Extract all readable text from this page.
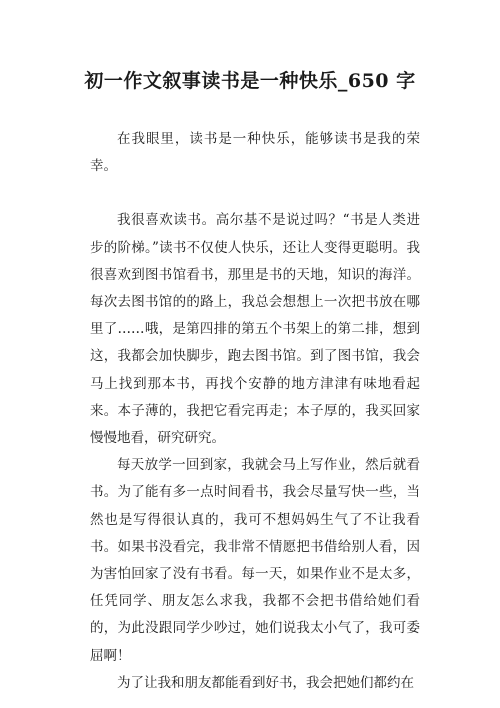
初一作文叙事读书是一种快乐_650 字

在我眼里，读书是一种快乐，能够读书是我的荣幸。

我很喜欢读书。高尔基不是说过吗？“书是人类进步的阶梯。”读书不仅使人快乐，还让人变得更聪明。我很喜欢到图书馆看书，那里是书的天地，知识的海洋。每次去图书馆的的路上，我总会想想上一次把书放在哪里了……哦，是第四排的第五个书架上的第二排，想到这，我都会加快脚步，跑去图书馆。到了图书馆，我会马上找到那本书，再找个安静的地方津津有味地看起来。本子薄的，我把它看完再走；本子厚的，我买回家慢慢地看，研究研究。

每天放学一回到家，我就会马上写作业，然后就看书。为了能有多一点时间看书，我会尽量写快一些，当然也是写得很认真的，我可不想妈妈生气了不让我看书。如果书没看完，我非常不情愿把书借给别人看，因为害怕回家了没有书看。每一天，如果作业不是太多，任凭同学、朋友怎么求我，我都不会把书借给她们看的，为此没跟同学少吵过，她们说我太小气了，我可委屈啊！

为了让我和朋友都能看到好书，我会把她们都约在
